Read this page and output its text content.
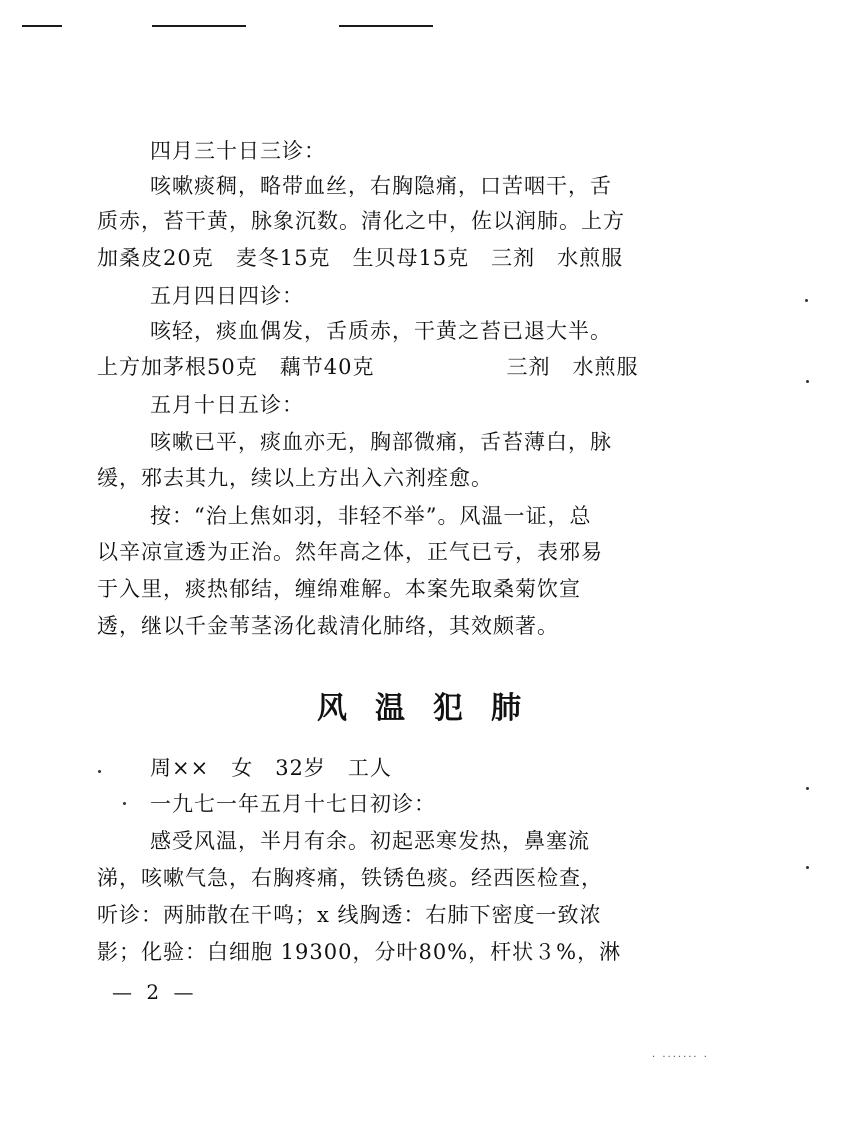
四月三十日三诊：
咳嗽痰稠，略带血丝，右胸隐痛，口苦咽干，舌
质赤，苔干黄，脉象沉数。清化之中，佐以润肺。上方
加桑皮20克　麦冬15克　生贝母15克　三剂　水煎服
五月四日四诊：
咳轻，痰血偶发，舌质赤，干黄之苔已退大半。
上方加茅根50克　藕节40克　　　　　　三剂　水煎服
五月十日五诊：
咳嗽已平，痰血亦无，胸部微痛，舌苔薄白，脉
缓，邪去其九，续以上方出入六剂痊愈。
按：“治上焦如羽，非轻不举”。风温一证，总
以辛凉宣透为正治。然年高之体，正气已亏，表邪易
于入里，痰热郁结，缠绵难解。本案先取桑菊饮宣
透，继以千金苇茎汤化裁清化肺络，其效颇著。
风温犯肺
周××　女　32岁　工人
一九七一年五月十七日初诊：
感受风温，半月有余。初起恶寒发热，鼻塞流
涕，咳嗽气急，右胸疼痛，铁锈色痰。经西医检查，
听诊：两肺散在干鸣；x 线胸透：右肺下密度一致浓
影；化验：白细胞 19300，分叶80%，杆状３%，淋
— 2 —
· ······· ·
